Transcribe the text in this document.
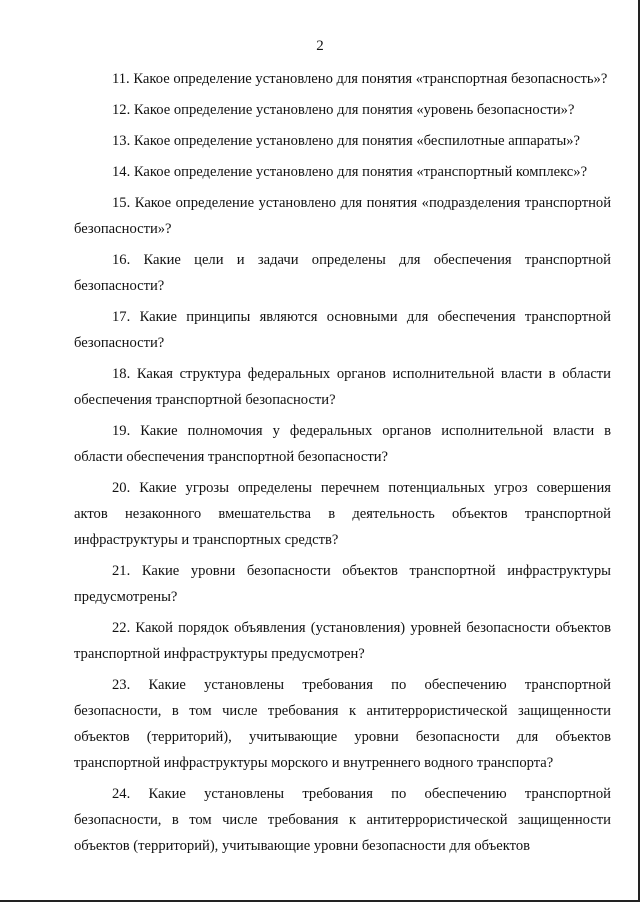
2

11. Какое определение установлено для понятия «транспортная безопасность»?

12. Какое определение установлено для понятия «уровень безопасности»?

13. Какое определение установлено для понятия «беспилотные аппараты»?

14. Какое определение установлено для понятия «транспортный комплекс»?

15. Какое определение установлено для понятия «подразделения транспортной безопасности»?

16. Какие цели и задачи определены для обеспечения транспортной безопасности?

17. Какие принципы являются основными для обеспечения транспортной безопасности?

18. Какая структура федеральных органов исполнительной власти в области обеспечения транспортной безопасности?

19. Какие полномочия у федеральных органов исполнительной власти в области обеспечения транспортной безопасности?

20. Какие угрозы определены перечнем потенциальных угроз совершения актов незаконного вмешательства в деятельность объектов транспортной инфраструктуры и транспортных средств?

21. Какие уровни безопасности объектов транспортной инфраструктуры предусмотрены?

22. Какой порядок объявления (установления) уровней безопасности объектов транспортной инфраструктуры предусмотрен?

23. Какие установлены требования по обеспечению транспортной безопасности, в том числе требования к антитеррористической защищенности объектов (территорий), учитывающие уровни безопасности для объектов транспортной инфраструктуры морского и внутреннего водного транспорта?

24. Какие установлены требования по обеспечению транспортной безопасности, в том числе требования к антитеррористической защищенности объектов (территорий), учитывающие уровни безопасности для объектов
